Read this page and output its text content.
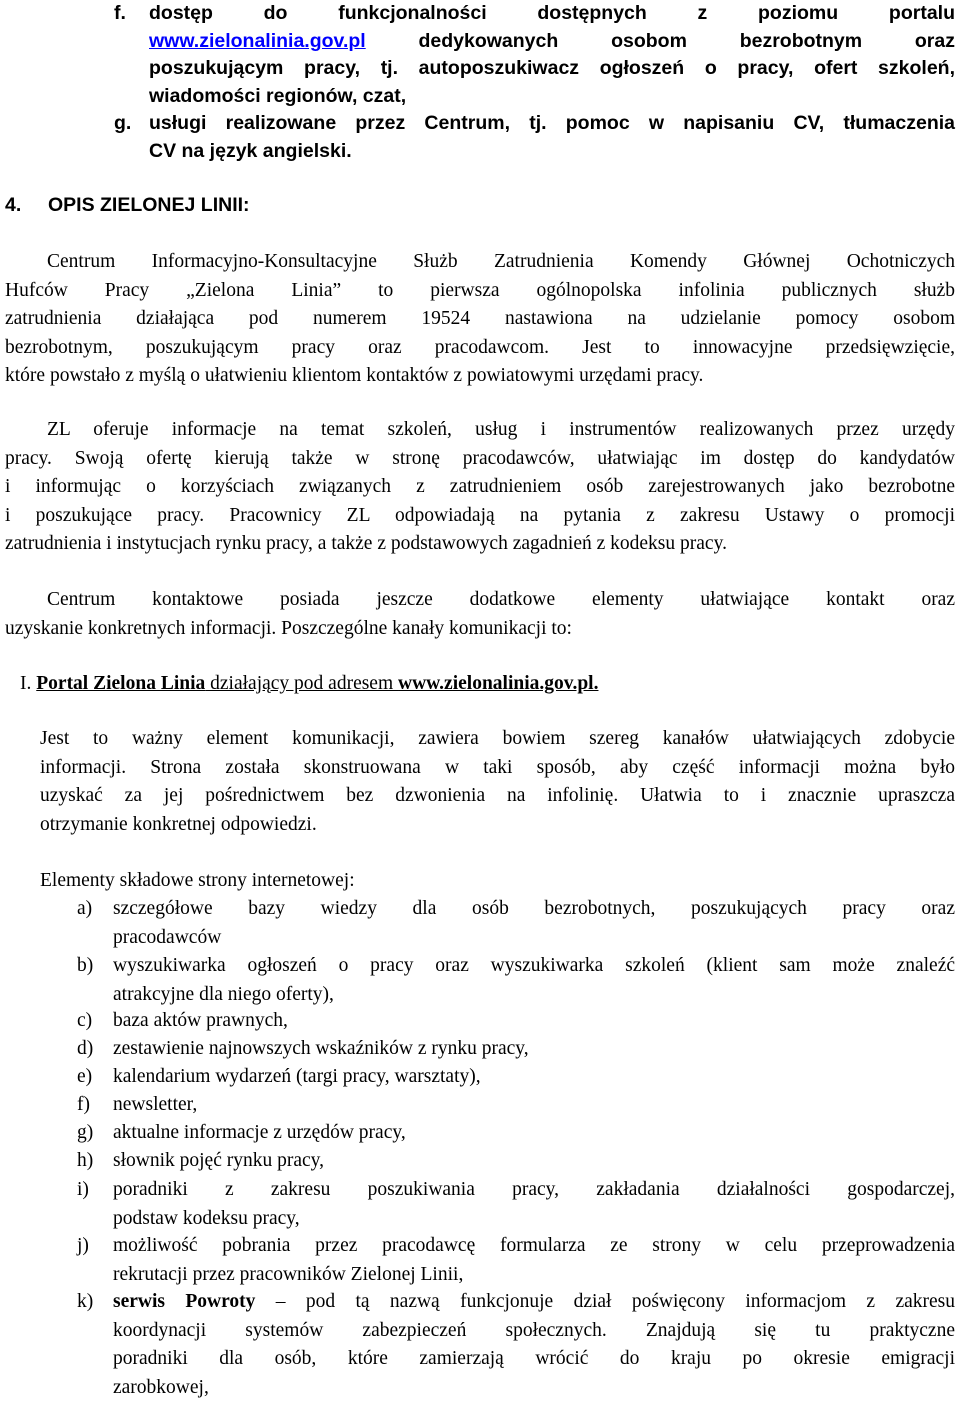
f. dostęp do funkcjonalności dostępnych z poziomu portalu
www.zielonalinia.gov.pl dedykowanych osobom bezrobotnym oraz
poszukującym pracy, tj. autoposzukiwacz ogłoszeń o pracy, ofert szkoleń,
wiadomości regionów, czat,
g. usługi realizowane przez Centrum, tj. pomoc w napisaniu CV, tłumaczenia
CV na język angielski.
4. OPIS ZIELONEJ LINII:
Centrum Informacyjno-Konsultacyjne Służb Zatrudnienia Komendy Głównej Ochotniczych
Hufców Pracy „Zielona Linia” to pierwsza ogólnopolska infolinia publicznych służb
zatrudnienia działająca pod numerem 19524 nastawiona na udzielanie pomocy osobom
bezrobotnym, poszukującym pracy oraz pracodawcom. Jest to innowacyjne przedsięwzięcie,
które powstało z myślą o ułatwieniu klientom kontaktów z powiatowymi urzędami pracy.
ZL oferuje informacje na temat szkoleń, usług i instrumentów realizowanych przez urzędy
pracy. Swoją ofertę kierują także w stronę pracodawców, ułatwiając im dostęp do kandydatów
i informując o korzyściach związanych z zatrudnieniem osób zarejestrowanych jako bezrobotne
i poszukujące pracy. Pracownicy ZL odpowiadają na pytania z zakresu Ustawy o promocji
zatrudnienia i instytucjach rynku pracy, a także z podstawowych zagadnień z kodeksu pracy.
Centrum kontaktowe posiada jeszcze dodatkowe elementy ułatwiające kontakt oraz
uzyskanie konkretnych informacji. Poszczególne kanały komunikacji to:
I. Portal Zielona Linia działający pod adresem www.zielonalinia.gov.pl.
Jest to ważny element komunikacji, zawiera bowiem szereg kanałów ułatwiających zdobycie
informacji. Strona została skonstruowana w taki sposób, aby część informacji można było
uzyskać za jej pośrednictwem bez dzwonienia na infolinię. Ułatwia to i znacznie upraszcza
otrzymanie konkretnej odpowiedzi.
Elementy składowe strony internetowej:
a) szczegółowe bazy wiedzy dla osób bezrobotnych, poszukujących pracy oraz
pracodawców
b) wyszukiwarka ogłoszeń o pracy oraz wyszukiwarka szkoleń (klient sam może znaleźć
atrakcyjne dla niego oferty),
c) baza aktów prawnych,
d) zestawienie najnowszych wskaźników z rynku pracy,
e) kalendarium wydarzeń (targi pracy, warsztaty),
f) newsletter,
g) aktualne informacje z urzędów pracy,
h) słownik pojęć rynku pracy,
i) poradniki z zakresu poszukiwania pracy, zakładania działalności gospodarczej,
podstaw kodeksu pracy,
j) możliwość pobrania przez pracodawcę formularza ze strony w celu przeprowadzenia
rekrutacji przez pracowników Zielonej Linii,
k) serwis Powroty – pod tą nazwą funkcjonuje dział poświęcony informacjom z zakresu
koordynacji systemów zabezpieczeń społecznych. Znajdują się tu praktyczne
poradniki dla osób, które zamierzają wrócić do kraju po okresie emigracji
zarobkowej,
